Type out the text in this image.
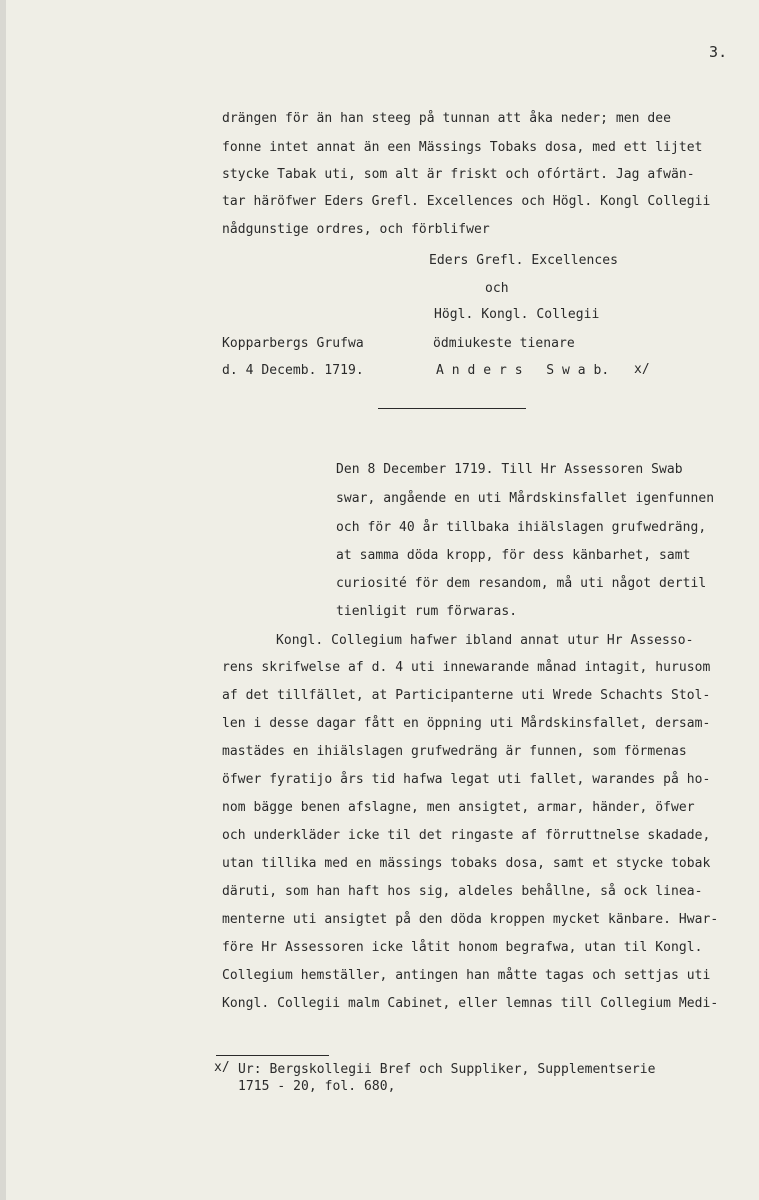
3.
drängen för än han steeg på tunnan att åka neder; men dee
fonne intet annat än een Mässings Tobaks dosa, med ett lijtet
stycke Tabak uti, som alt är friskt och ofόrtärt. Jag afwän-
tar häröfwer Eders Grefl. Excellences och Högl. Kongl Collegii
nådgunstige ordres, och förblifwer
Eders Grefl. Excellences
och
Högl. Kongl. Collegii
Kopparbergs Grufwa	ödmiukeste tienare
d. 4 Decemb. 1719.	A n d e r s   S w a b. x/
Den 8 December 1719. Till Hr Assessoren Swab
swar, angående en uti Mårdskinsfallet igenfunnen
och för 40 år tillbaka ihiälslagen grufwedräng,
at samma döda kropp, för dess känbarhet, samt
curiosité för dem resandom, må uti något dertil
tienligit rum förwaras.
Kongl. Collegium hafwer ibland annat utur Hr Assesso-
rens skrifwelse af d. 4 uti innewarande månad intagit, hurusom
af det tillfället, at Participanterne uti Wrede Schachts Stol-
len i desse dagar fått en öppning uti Mårdskinsfallet, dersam-
mastädes en ihiälslagen grufwedräng är funnen, som förmenas
öfwer fyratijo års tid hafwa legat uti fallet, warandes på ho-
nom bägge benen afslagne, men ansigtet, armar, händer, öfwer
och underkläder icke til det ringaste af förruttnelse skadade,
utan tillika med en mässings tobaks dosa, samt et stycke tobak
däruti, som han haft hos sig, aldeles behållne, så ock linea-
menterne uti ansigtet på den döda kroppen mycket känbare. Hwar-
före Hr Assessoren icke låtit honom begrafwa, utan til Kongl.
Collegium hemställer, antingen han måtte tagas och settjas uti
Kongl. Collegii malm Cabinet, eller lemnas till Collegium Medi-
x/ Ur: Bergskollegii Bref och Suppliker, Supplementserie
1715 - 20, fol. 680,
